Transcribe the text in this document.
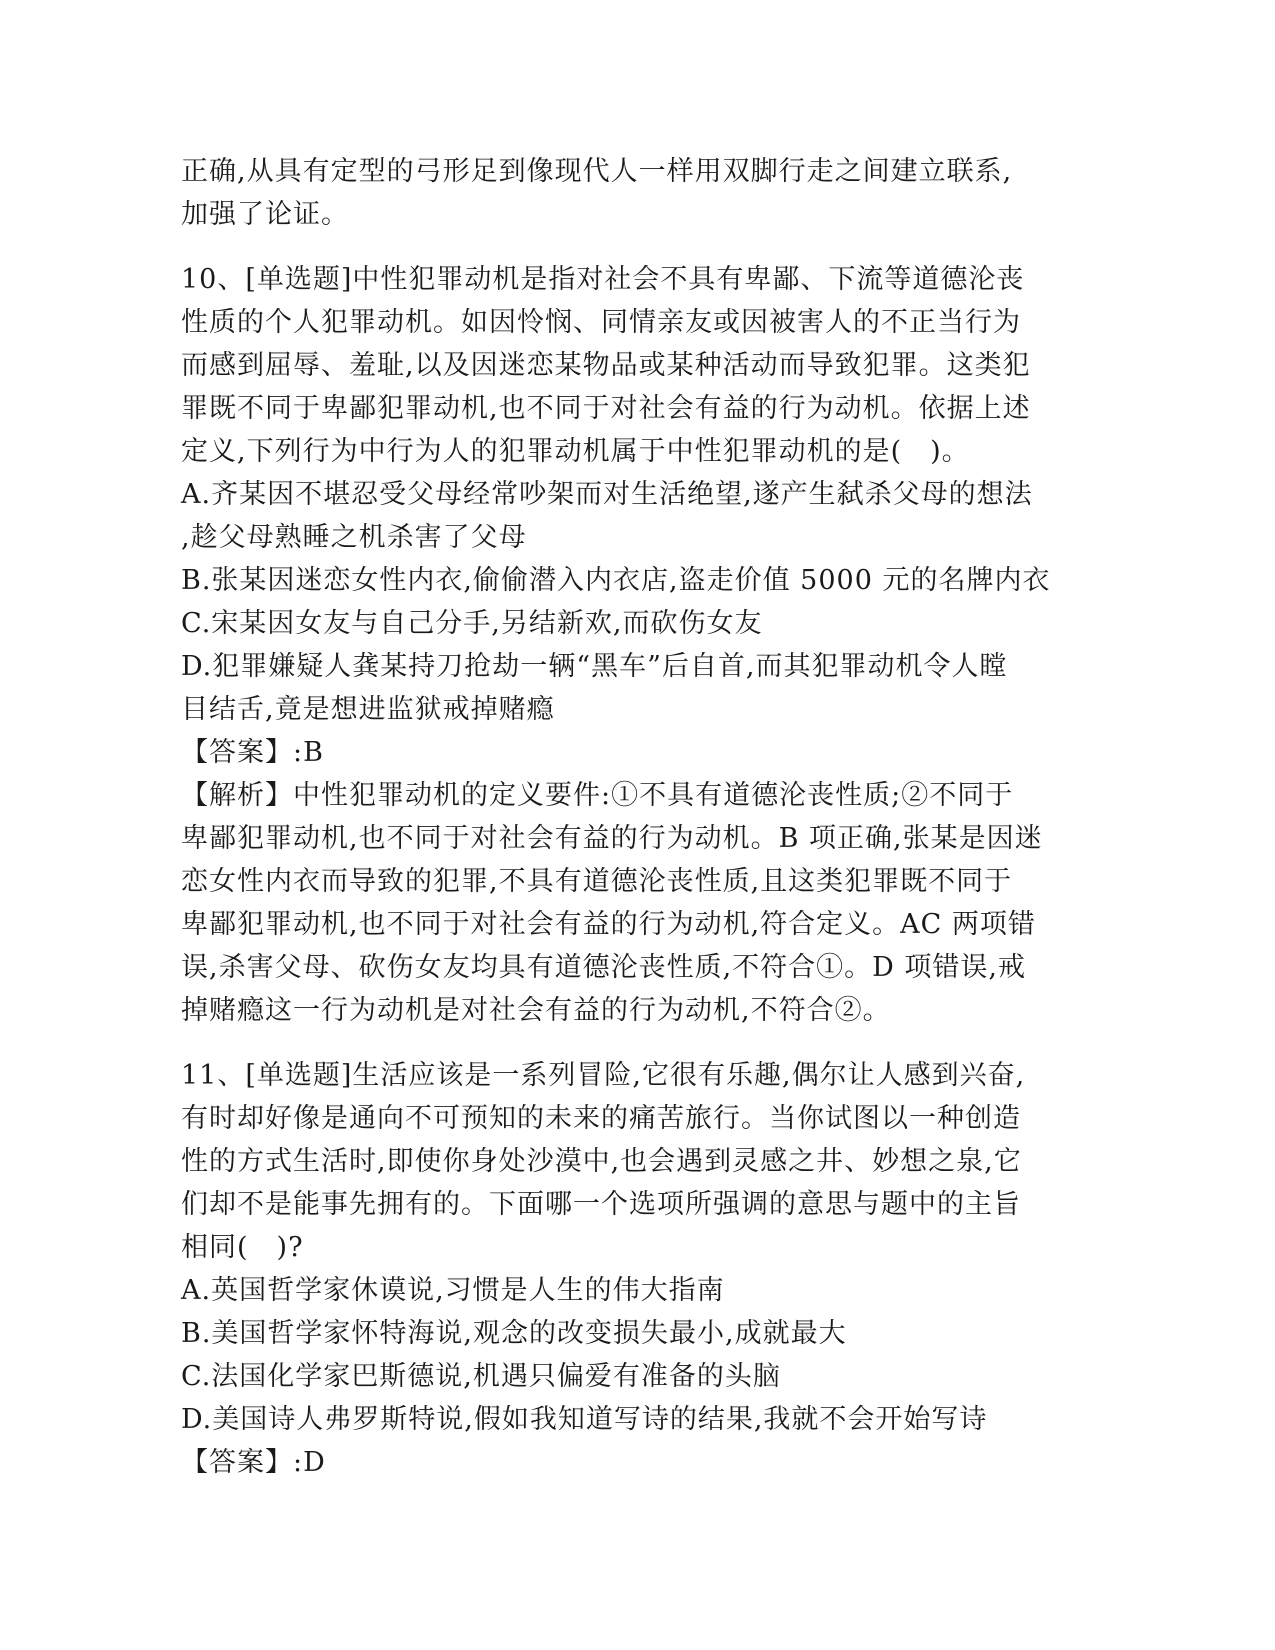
正确,从具有定型的弓形足到像现代人一样用双脚行走之间建立联系,
加强了论证。
10、[单选题]中性犯罪动机是指对社会不具有卑鄙、下流等道德沦丧
性质的个人犯罪动机。如因怜悯、同情亲友或因被害人的不正当行为
而感到屈辱、羞耻,以及因迷恋某物品或某种活动而导致犯罪。这类犯
罪既不同于卑鄙犯罪动机,也不同于对社会有益的行为动机。依据上述
定义,下列行为中行为人的犯罪动机属于中性犯罪动机的是(　)。
A.齐某因不堪忍受父母经常吵架而对生活绝望,遂产生弑杀父母的想法
,趁父母熟睡之机杀害了父母
B.张某因迷恋女性内衣,偷偷潜入内衣店,盗走价值 5000 元的名牌内衣
C.宋某因女友与自己分手,另结新欢,而砍伤女友
D.犯罪嫌疑人龚某持刀抢劫一辆“黑车”后自首,而其犯罪动机令人瞠
目结舌,竟是想进监狱戒掉赌瘾
【答案】:B
【解析】中性犯罪动机的定义要件:①不具有道德沦丧性质;②不同于
卑鄙犯罪动机,也不同于对社会有益的行为动机。B 项正确,张某是因迷
恋女性内衣而导致的犯罪,不具有道德沦丧性质,且这类犯罪既不同于
卑鄙犯罪动机,也不同于对社会有益的行为动机,符合定义。AC 两项错
误,杀害父母、砍伤女友均具有道德沦丧性质,不符合①。D 项错误,戒
掉赌瘾这一行为动机是对社会有益的行为动机,不符合②。
11、[单选题]生活应该是一系列冒险,它很有乐趣,偶尔让人感到兴奋,
有时却好像是通向不可预知的未来的痛苦旅行。当你试图以一种创造
性的方式生活时,即使你身处沙漠中,也会遇到灵感之井、妙想之泉,它
们却不是能事先拥有的。下面哪一个选项所强调的意思与题中的主旨
相同(　)?
A.英国哲学家休谟说,习惯是人生的伟大指南
B.美国哲学家怀特海说,观念的改变损失最小,成就最大
C.法国化学家巴斯德说,机遇只偏爱有准备的头脑
D.美国诗人弗罗斯特说,假如我知道写诗的结果,我就不会开始写诗
【答案】:D
